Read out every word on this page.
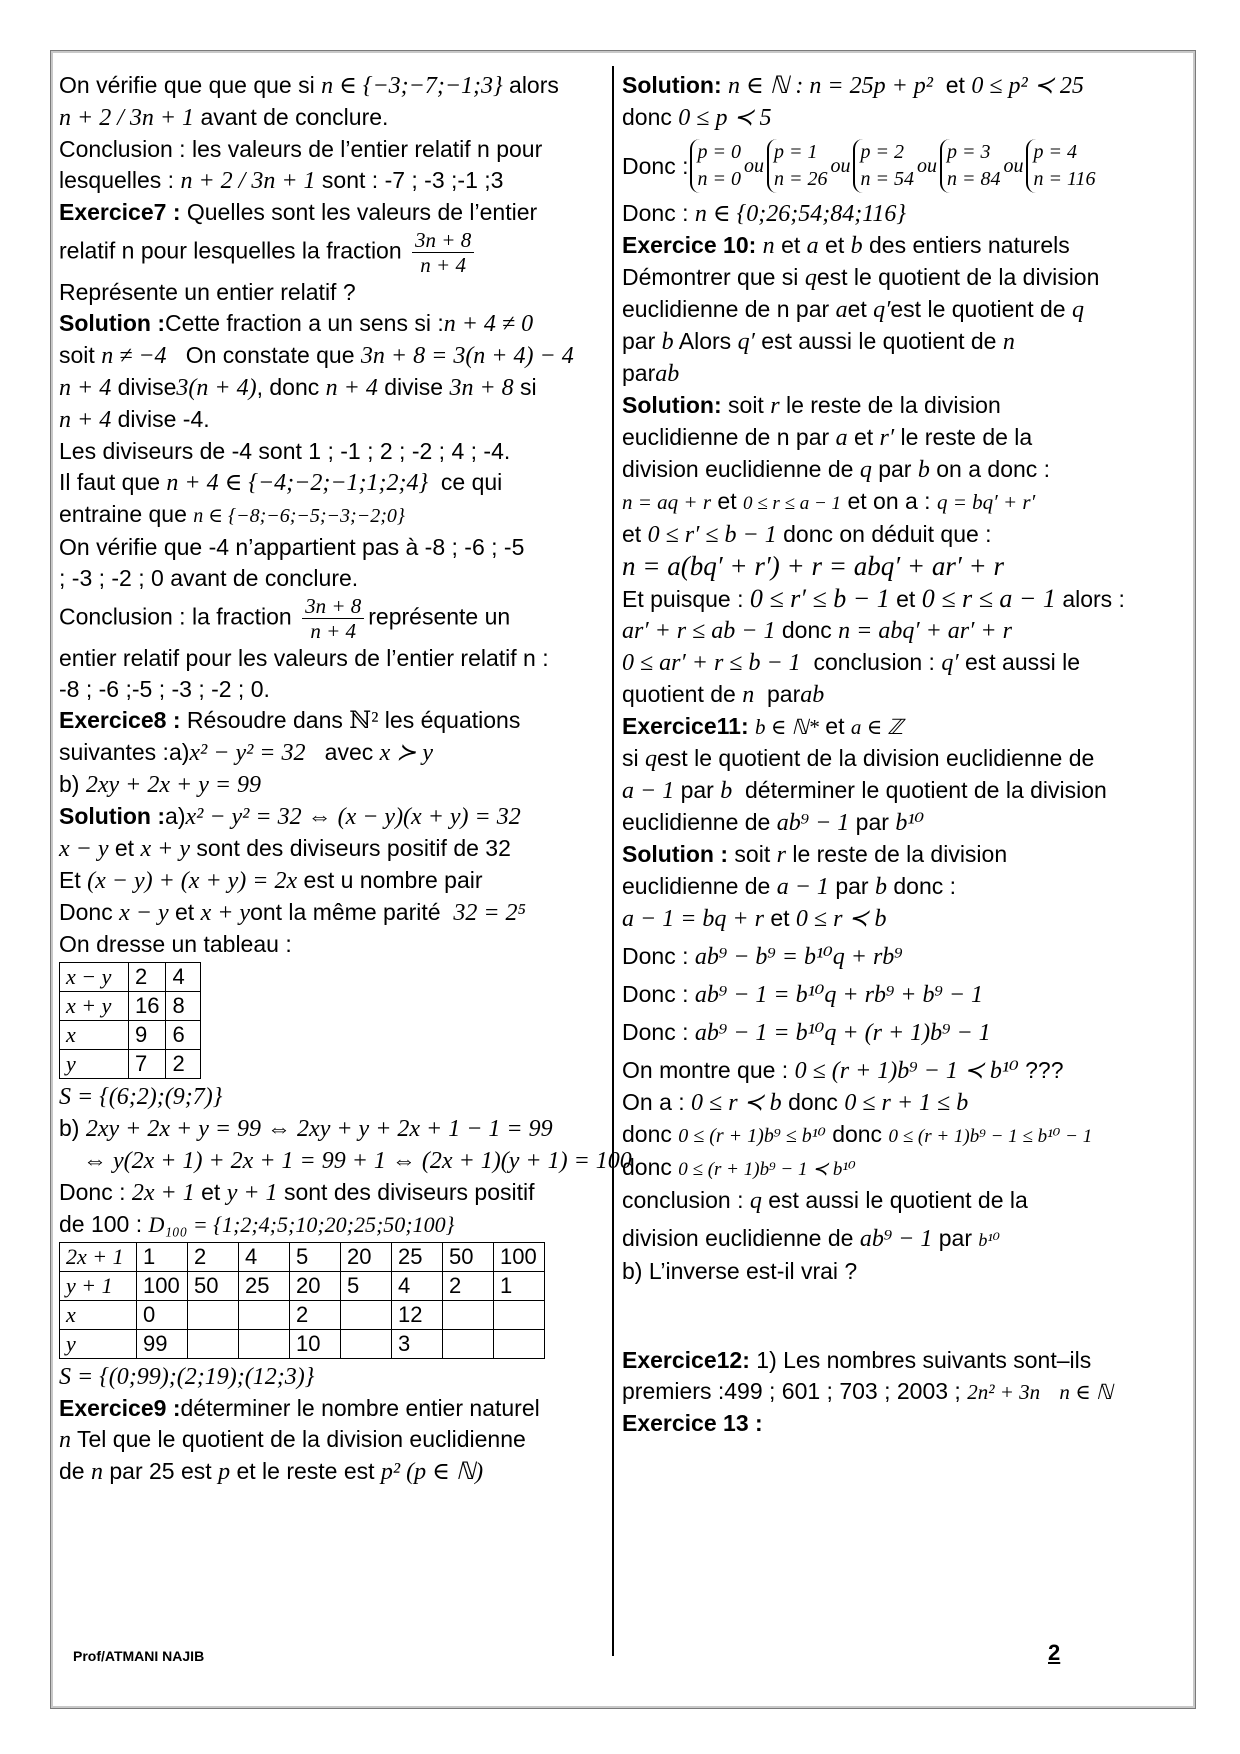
On vérifie que que que si n ∈ {−3;−7;−1;3} alors
n + 2 / 3n + 1 avant de conclure.
Conclusion : les valeurs de l’entier relatif n pour
lesquelles : n + 2 / 3n + 1 sont : -7 ; -3 ;-1 ;3
Exercice7 : Quelles sont les valeurs de l’entier
relatif n pour lesquelles la fraction $\frac{3n + 8}{n + 4}$
Représente un entier relatif ?
Solution :Cette fraction a un sens si :n + 4 ≠ 0
soit n ≠ −4 On constate que 3n + 8 = 3(n + 4) − 4
n + 4 divise3(n + 4), donc n + 4 divise 3n + 8 si
n + 4 divise -4.
Les diviseurs de -4 sont 1 ; -1 ; 2 ; -2 ; 4 ; -4.
Il faut que n + 4 ∈ {−4;−2;−1;1;2;4} ce qui
entraine que n ∈ {−8;−6;−5;−3;−2;0}
On vérifie que -4 n’appartient pas à -8 ; -6 ; -5
; -3 ; -2 ; 0 avant de conclure.
Conclusion : la fraction $\frac{3n + 8}{n + 4}$ représente un
entier relatif pour les valeurs de l’entier relatif n :
-8 ; -6 ;-5 ; -3 ; -2 ; 0.
Exercice8 : Résoudre dans ℕ² les équations
suivantes :a)x² − y² = 32 avec x ≻ y
b) 2xy + 2x + y = 99
Solution :a)x² − y² = 32 ⇔ (x − y)(x + y) = 32
x − y et x + y sont des diviseurs positif de 32
Et (x − y) + (x + y) = 2x est u nombre pair
Donc x − y et x + yont la même parité 32 = 2⁵
On dresse un tableau :
x − y	2	4
x + y	16	8
x	9	6
y	7	2
S = {(6;2);(9;7)}
b) 2xy + 2x + y = 99 ⇔ 2xy + y + 2x + 1 − 1 = 99
⇔ y(2x + 1) + 2x + 1 = 99 + 1 ⇔ (2x + 1)(y + 1) = 100
Donc : 2x + 1 et y + 1 sont des diviseurs positif
de 100 : D₁₀₀ = {1;2;4;5;10;20;25;50;100}
2x + 1	1	2	4	5	20	25	50	100
y + 1	100	50	25	20	5	4	2	1
x	0			2		12		
y	99			10		3		
S = {(0;99);(2;19);(12;3)}
Exercice9 :déterminer le nombre entier naturel
n Tel que le quotient de la division euclidienne
de n par 25 est p et le reste est p² (p ∈ ℕ)
Solution: n ∈ ℕ : n = 25p + p² et 0 ≤ p² ≺ 25
donc 0 ≤ p ≺ 5
Donc :
p = 0
n = 0
ou
p = 1
n = 26
ou
p = 2
n = 54
ou
p = 3
n = 84
ou
p = 4
n = 116
Donc : n ∈ {0;26;54;84;116}
Exercice 10: n et a et b des entiers naturels
Démontrer que si qest le quotient de la division
euclidienne de n par aet q′est le quotient de q
par b Alors q′ est aussi le quotient de n
parab
Solution: soit r le reste de la division
euclidienne de n par a et r′ le reste de la
division euclidienne de q par b on a donc :
n = aq + r et 0 ≤ r ≤ a − 1 et on a : q = bq′ + r′
et 0 ≤ r′ ≤ b − 1 donc on déduit que :
n = a(bq′ + r′) + r = abq′ + ar′ + r
Et puisque : 0 ≤ r′ ≤ b − 1 et 0 ≤ r ≤ a − 1 alors :
ar′ + r ≤ ab − 1 donc n = abq′ + ar′ + r
0 ≤ ar′ + r ≤ b − 1 conclusion : q′ est aussi le
quotient de n parab
Exercice11: b ∈ ℕ* et a ∈ ℤ
si qest le quotient de la division euclidienne de
a − 1 par b déterminer le quotient de la division
euclidienne de ab⁹ − 1 par b¹⁰
Solution : soit r le reste de la division
euclidienne de a − 1 par b donc :
a − 1 = bq + r et 0 ≤ r ≺ b
Donc : ab⁹ − b⁹ = b¹⁰q + rb⁹
Donc : ab⁹ − 1 = b¹⁰q + rb⁹ + b⁹ − 1
Donc : ab⁹ − 1 = b¹⁰q + (r + 1)b⁹ − 1
On montre que : 0 ≤ (r + 1)b⁹ − 1 ≺ b¹⁰ ???
On a : 0 ≤ r ≺ b donc 0 ≤ r + 1 ≤ b
donc 0 ≤ (r + 1)b⁹ ≤ b¹⁰ donc 0 ≤ (r + 1)b⁹ − 1 ≤ b¹⁰ − 1
donc 0 ≤ (r + 1)b⁹ − 1 ≺ b¹⁰
conclusion : q est aussi le quotient de la
division euclidienne de ab⁹ − 1 par b¹⁰
b) L’inverse est-il vrai ?
Exercice12: 1) Les nombres suivants sont–ils
premiers :499 ; 601 ; 703 ; 2003 ; 2n² + 3n n ∈ ℕ
Exercice 13 :
Prof/ATMANI NAJIB	2
